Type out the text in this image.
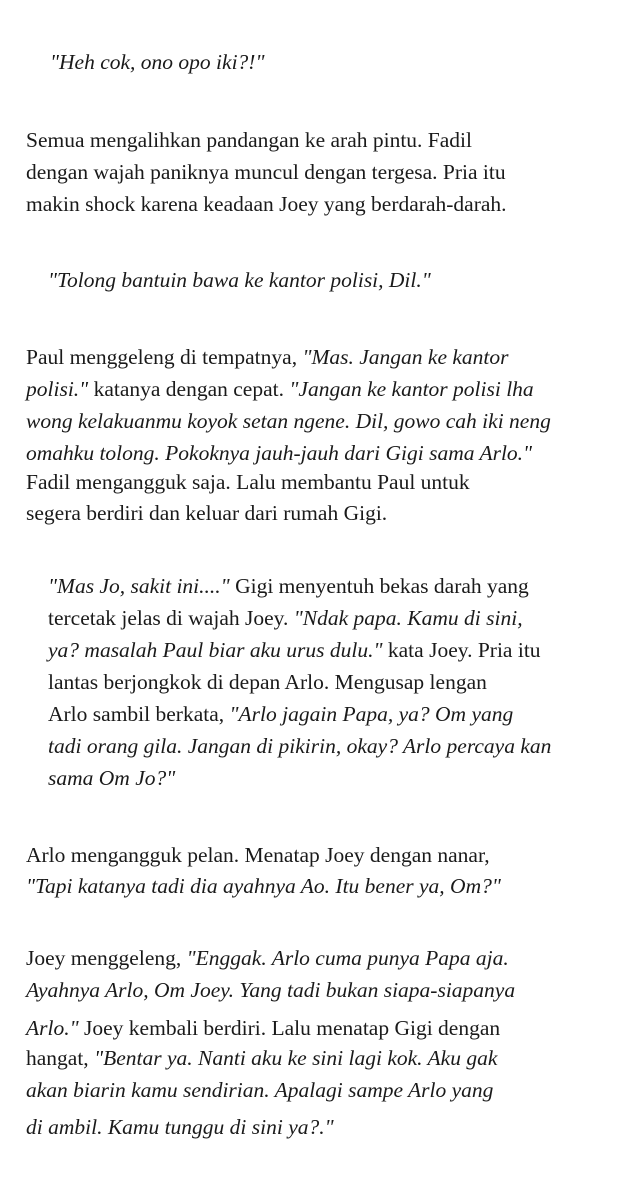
"Heh cok, ono opo iki?!"
Semua mengalihkan pandangan ke arah pintu. Fadil
dengan wajah paniknya muncul dengan tergesa. Pria itu
makin shock karena keadaan Joey yang berdarah-darah.
"Tolong bantuin bawa ke kantor polisi, Dil."
Paul menggeleng di tempatnya, "Mas. Jangan ke kantor
polisi." katanya dengan cepat. "Jangan ke kantor polisi lha
wong kelakuanmu koyok setan ngene. Dil, gowo cah iki neng
omahku tolong. Pokoknya jauh-jauh dari Gigi sama Arlo."
Fadil mengangguk saja. Lalu membantu Paul untuk
segera berdiri dan keluar dari rumah Gigi.
"Mas Jo, sakit ini...." Gigi menyentuh bekas darah yang
tercetak jelas di wajah Joey. "Ndak papa. Kamu di sini,
ya? masalah Paul biar aku urus dulu." kata Joey. Pria itu
lantas berjongkok di depan Arlo. Mengusap lengan
Arlo sambil berkata, "Arlo jagain Papa, ya? Om yang
tadi orang gila. Jangan di pikirin, okay? Arlo percaya kan
sama Om Jo?"
Arlo mengangguk pelan. Menatap Joey dengan nanar,
"Tapi katanya tadi dia ayahnya Ao. Itu bener ya, Om?"
Joey menggeleng, "Enggak. Arlo cuma punya Papa aja.
Ayahnya Arlo, Om Joey. Yang tadi bukan siapa-siapanya
Arlo." Joey kembali berdiri. Lalu menatap Gigi dengan
hangat, "Bentar ya. Nanti aku ke sini lagi kok. Aku gak
akan biarin kamu sendirian. Apalagi sampe Arlo yang
di ambil. Kamu tunggu di sini ya?."
